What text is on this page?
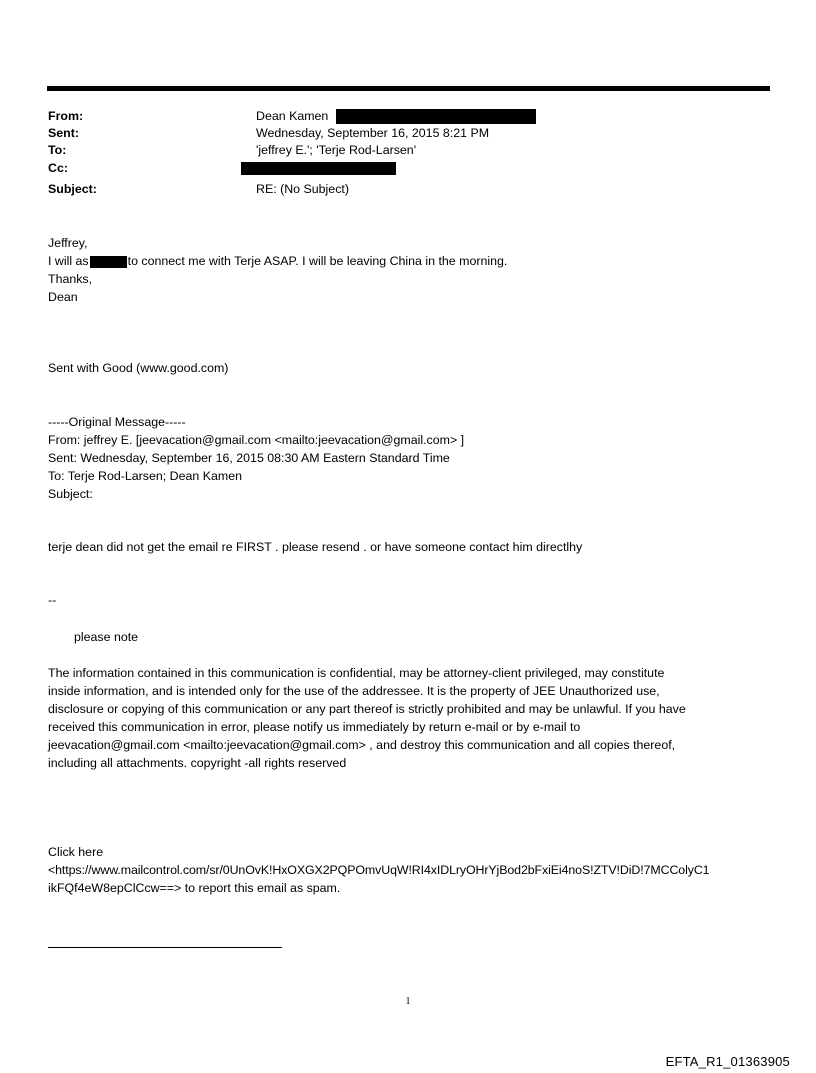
From:	Dean Kamen
Sent:	Wednesday, September 16, 2015 8:21 PM
To:	'jeffrey E.'; 'Terje Rod-Larsen'
Cc:
Subject:	RE: (No Subject)
Jeffrey,
I will as	to connect me with Terje ASAP. I will be leaving China in the morning.
Thanks,
Dean
Sent with Good (www.good.com)
-----Original Message-----
From: jeffrey E. [jeevacation@gmail.com <mailto:jeevacation@gmail.com> ]
Sent: Wednesday, September 16, 2015 08:30 AM Eastern Standard Time
To: Terje Rod-Larsen; Dean Kamen
Subject:
terje dean did not get the email re FIRST . please resend . or have someone contact him directlhy
--
please note
The information contained in this communication is confidential, may be attorney-client privileged, may constitute
inside information, and is intended only for the use of the addressee. It is the property of JEE Unauthorized use,
disclosure or copying of this communication or any part thereof is strictly prohibited and may be unlawful. If you have
received this communication in error, please notify us immediately by return e-mail or by e-mail to
jeevacation@gmail.com <mailto:jeevacation@gmail.com> , and destroy this communication and all copies thereof,
including all attachments. copyright -all rights reserved
Click here
<https://www.mailcontrol.com/sr/0UnOvK!HxOXGX2PQPOmvUqW!RI4xIDLryOHrYjBod2bFxiEi4noS!ZTV!DiD!7MCColyC1
ikFQf4eW8epClCcw==> to report this email as spam.
1
EFTA_R1_01363905
